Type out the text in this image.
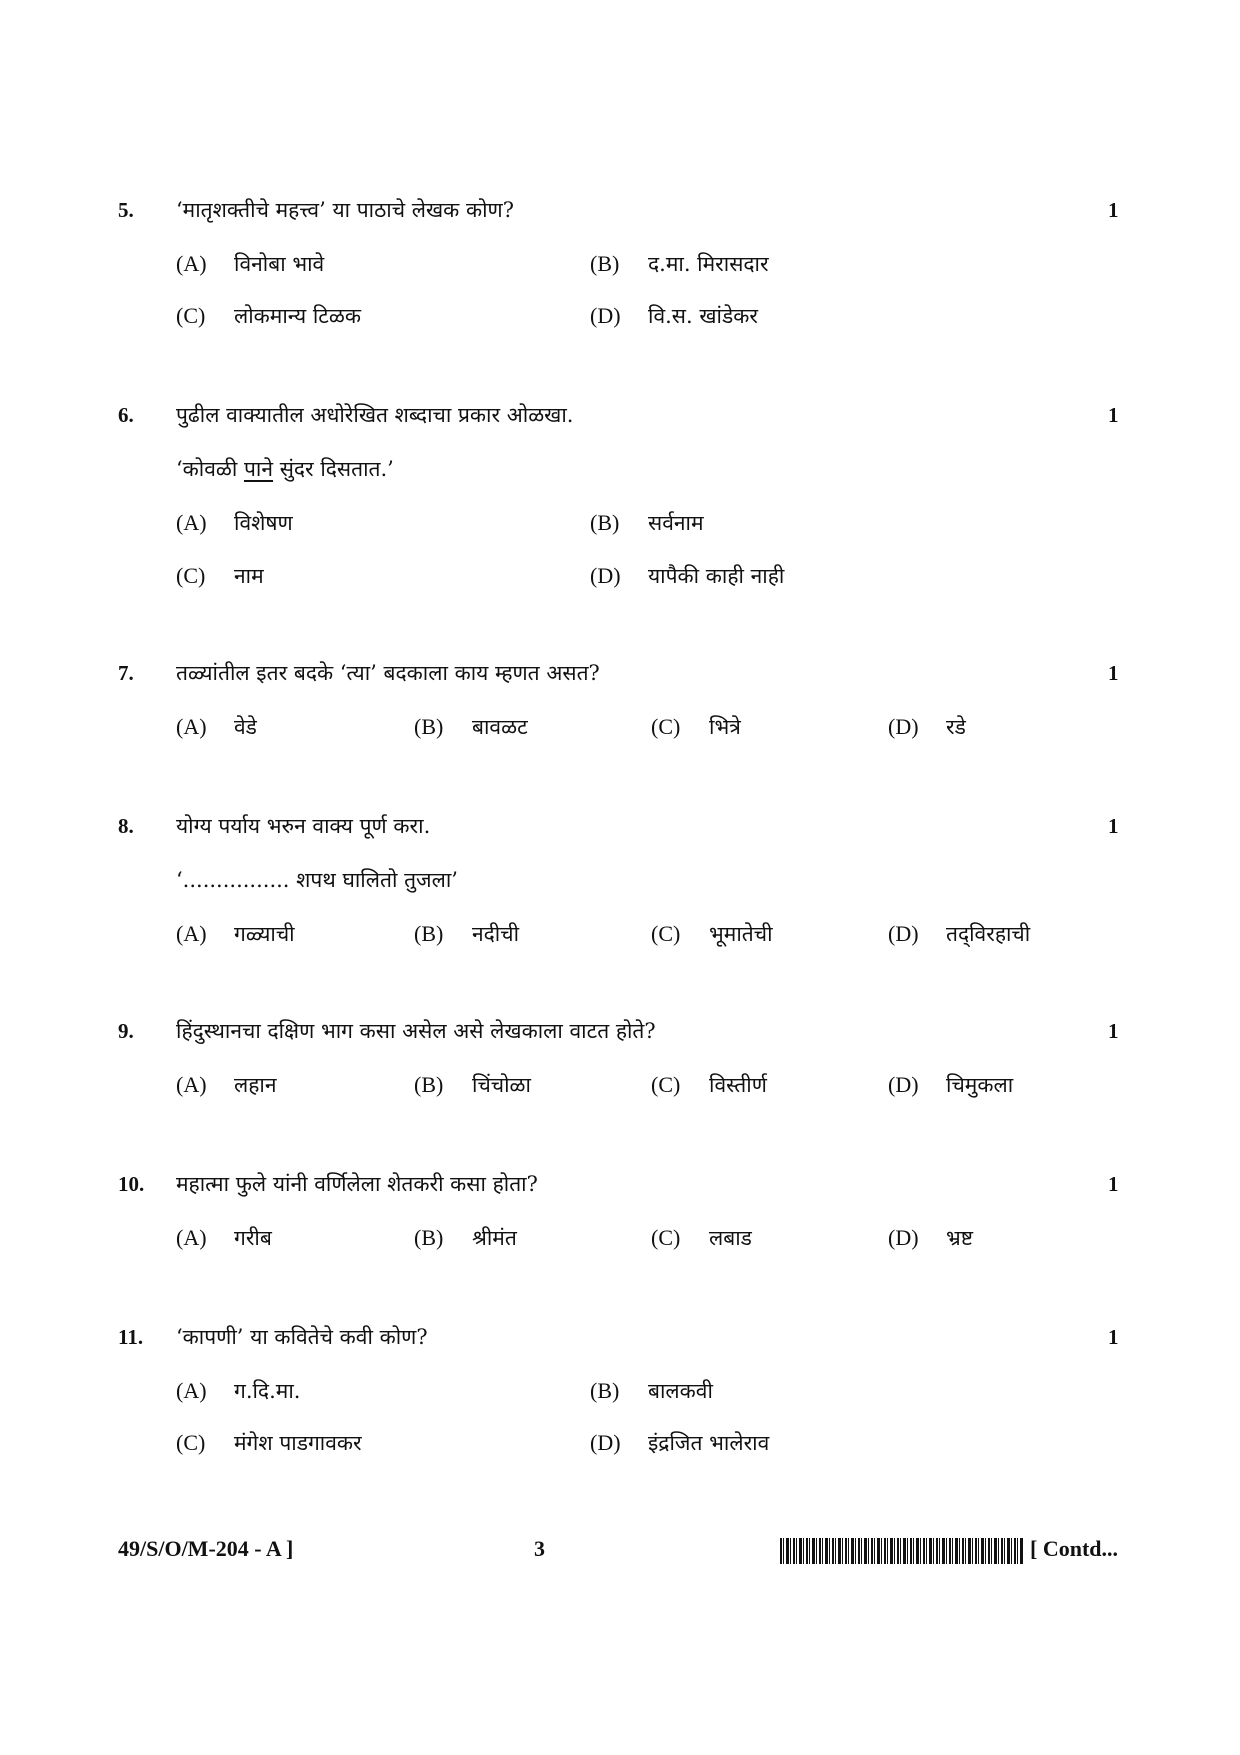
5. ‘मातृशक्तीचे महत्त्व’ या पाठाचे लेखक कोण?	1
(A) विनोबा भावे	(B) द.मा. मिरासदार
(C) लोकमान्य टिळक	(D) वि.स. खांडेकर
6. पुढील वाक्यातील अधोरेखित शब्दाचा प्रकार ओळखा.	1
‘कोवळी पाने सुंदर दिसतात.’
(A) विशेषण	(B) सर्वनाम
(C) नाम	(D) यापैकी काही नाही
7. तळ्यांतील इतर बदके ‘त्या’ बदकाला काय म्हणत असत?	1
(A) वेडे	(B) बावळट	(C) भित्रे	(D) रडे
8. योग्य पर्याय भरुन वाक्य पूर्ण करा.	1
‘................ शपथ घालितो तुजला’
(A) गळ्याची	(B) नदीची	(C) भूमातेची	(D) तद्‌विरहाची
9. हिंदुस्थानचा दक्षिण भाग कसा असेल असे लेखकाला वाटत होते?	1
(A) लहान	(B) चिंचोळा	(C) विस्तीर्ण	(D) चिमुकला
10. महात्मा फुले यांनी वर्णिलेला शेतकरी कसा होता?	1
(A) गरीब	(B) श्रीमंत	(C) लबाड	(D) भ्रष्ट
11. ‘कापणी’ या कवितेचे कवी कोण?	1
(A) ग.दि.मा.	(B) बालकवी
(C) मंगेश पाडगावकर	(D) इंद्रजित भालेराव
49/S/O/M-204 - A ]	3	[ Contd...
